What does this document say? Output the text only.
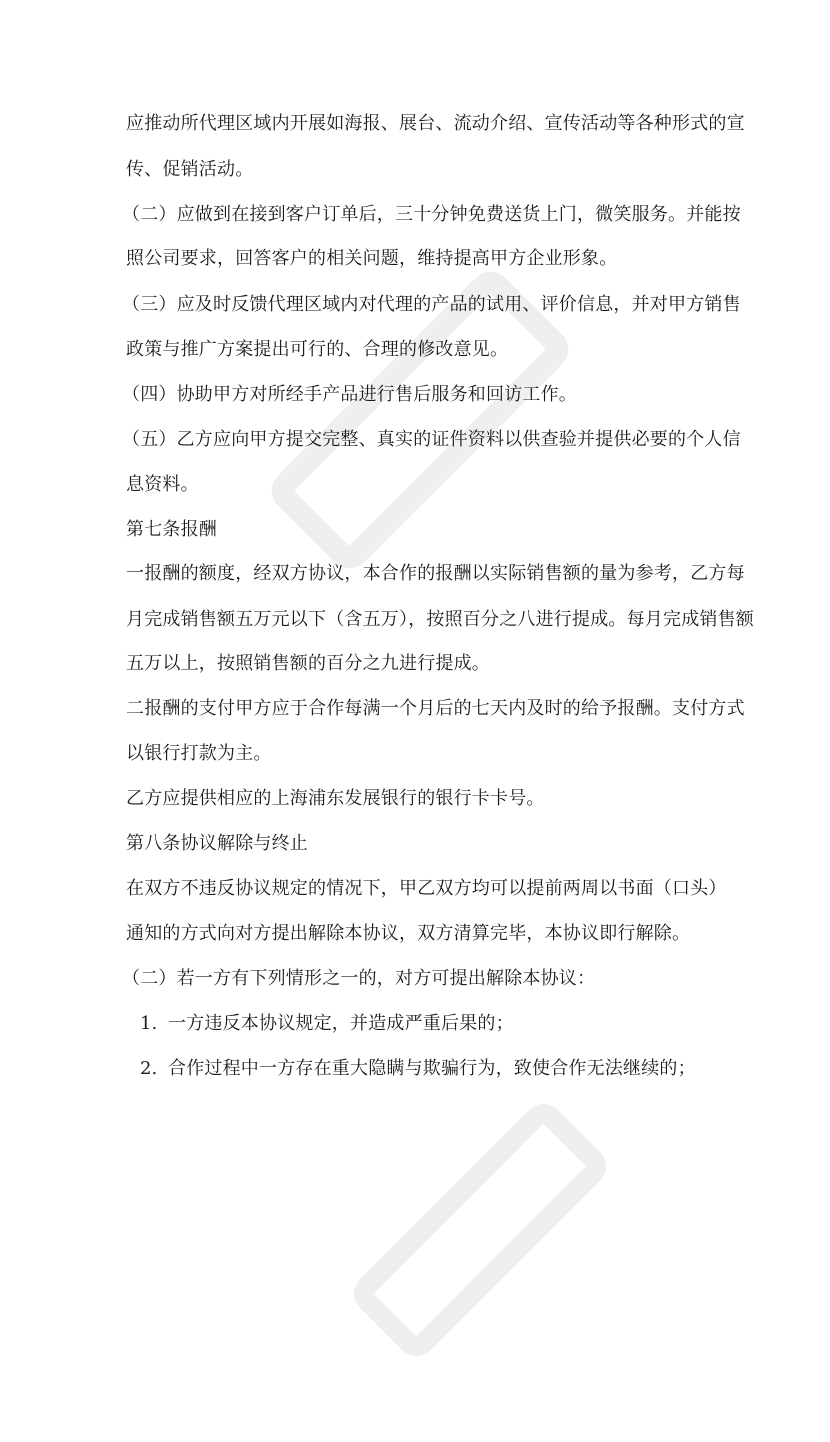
应推动所代理区域内开展如海报、展台、流动介绍、宣传活动等各种形式的宣
传、促销活动。
（二）应做到在接到客户订单后，三十分钟免费送货上门，微笑服务。并能按
照公司要求，回答客户的相关问题，维持提高甲方企业形象。
（三）应及时反馈代理区域内对代理的产品的试用、评价信息，并对甲方销售
政策与推广方案提出可行的、合理的修改意见。
（四）协助甲方对所经手产品进行售后服务和回访工作。
（五）乙方应向甲方提交完整、真实的证件资料以供查验并提供必要的个人信
息资料。
第七条报酬
一报酬的额度，经双方协议，本合作的报酬以实际销售额的量为参考，乙方每
月完成销售额五万元以下（含五万），按照百分之八进行提成。每月完成销售额
五万以上，按照销售额的百分之九进行提成。
二报酬的支付甲方应于合作每满一个月后的七天内及时的给予报酬。支付方式
以银行打款为主。
乙方应提供相应的上海浦东发展银行的银行卡卡号。
第八条协议解除与终止
在双方不违反协议规定的情况下，甲乙双方均可以提前两周以书面（口头）
通知的方式向对方提出解除本协议，双方清算完毕，本协议即行解除。
（二）若一方有下列情形之一的，对方可提出解除本协议：
1. 一方违反本协议规定，并造成严重后果的；
2. 合作过程中一方存在重大隐瞒与欺骗行为，致使合作无法继续的；
